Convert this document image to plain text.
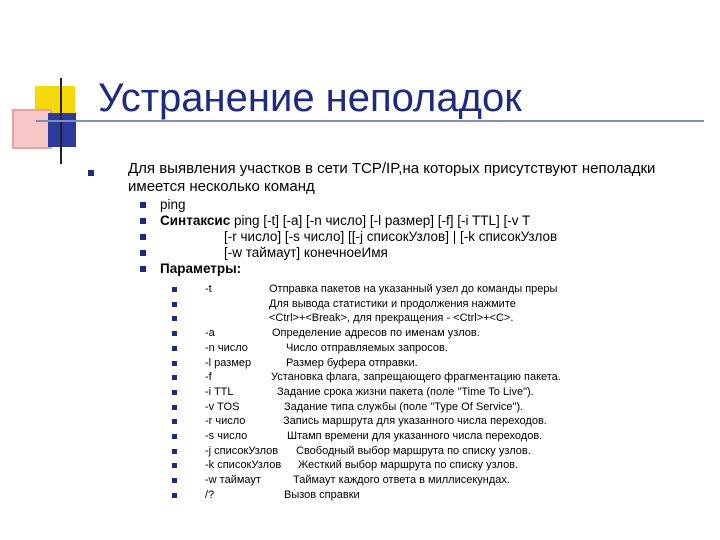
Устранение неполадок
Для выявления участков в сети TCP/IP,на которых присутствуют неполадки
имеется несколько команд
ping
Синтаксис ping [-t] [-a] [-n число] [-l размер] [-f] [-i TTL] [-v T
[-r число] [-s число] [[-j списокУзлов] | [-k списокУзлов
[-w таймаут] конечноеИмя
Параметры:
-t	Отправка пакетов на указанный узел до команды преры
Для вывода статистики и продолжения нажмите
<Ctrl>+<Break>, для прекращения - <Ctrl>+<C>.
-a	Определение адресов по именам узлов.
-n число	Число отправляемых запросов.
-l размер	Размер буфера отправки.
-f	Установка флага, запрещающего фрагментацию пакета.
-i TTL	Задание срока жизни пакета (поле "Time To Live").
-v TOS	Задание типа службы (поле "Type Of Service").
-r число	Запись маршрута для указанного числа переходов.
-s число	Штамп времени для указанного числа переходов.
-j списокУзлов Свободный выбор маршрута по списку узлов.
-k списокУзлов Жесткий выбор маршрута по списку узлов.
-w таймаут	Таймаут каждого ответа в миллисекундах.
/?	Вызов справки
